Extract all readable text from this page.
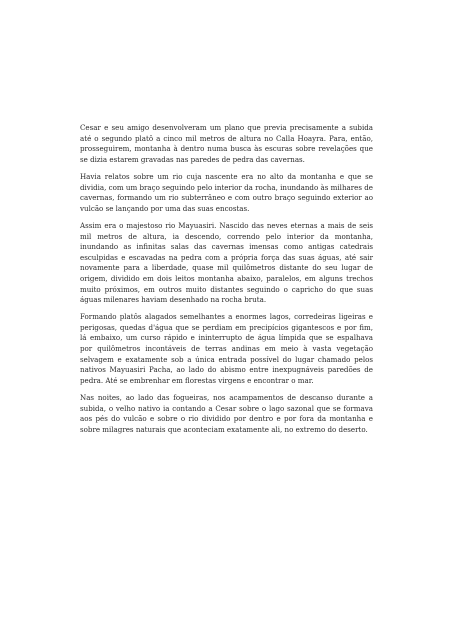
Cesar e seu amigo desenvolveram um plano que previa precisamente a subida até o segundo platô a cinco mil metros de altura no Calla Hoayra. Para, então, prosseguirem, montanha à dentro numa busca às escuras sobre revelações que se dizia estarem gravadas nas paredes de pedra das cavernas.

Havia relatos sobre um rio cuja nascente era no alto da montanha e que se dividia, com um braço seguindo pelo interior da rocha, inundando às milhares de cavernas, formando um rio subterrâneo e com outro braço seguindo exterior ao vulcão se lançando por uma das suas encostas.

Assim era o majestoso rio Mayuasiri. Nascido das neves eternas a mais de seis mil metros de altura, ia descendo, correndo pelo interior da montanha, inundando as infinitas salas das cavernas imensas como antigas catedrais esculpidas e escavadas na pedra com a própria força das suas águas, até sair novamente para a liberdade, quase mil quilômetros distante do seu lugar de origem, dividido em dois leitos montanha abaixo, paralelos, em alguns trechos muito próximos, em outros muito distantes seguindo o capricho do que suas águas milenares haviam desenhado na rocha bruta.

Formando platôs alagados semelhantes a enormes lagos, corredeiras ligeiras e perigosas, quedas d'água que se perdiam em precipícios gigantescos e por fim, lá embaixo, um curso rápido e ininterrupto de água límpida que se espalhava por quilômetros incontáveis de terras andinas em meio à vasta vegetação selvagem e exatamente sob a única entrada possível do lugar chamado pelos nativos Mayuasiri Pacha, ao lado do abismo entre inexpugnáveis paredões de pedra. Até se embrenhar em florestas virgens e encontrar o mar.

Nas noites, ao lado das fogueiras, nos acampamentos de descanso durante a subida, o velho nativo ia contando a Cesar sobre o lago sazonal que se formava aos pés do vulcão e sobre o rio dividido por dentro e por fora da montanha e sobre milagres naturais que aconteciam exatamente ali, no extremo do deserto.
